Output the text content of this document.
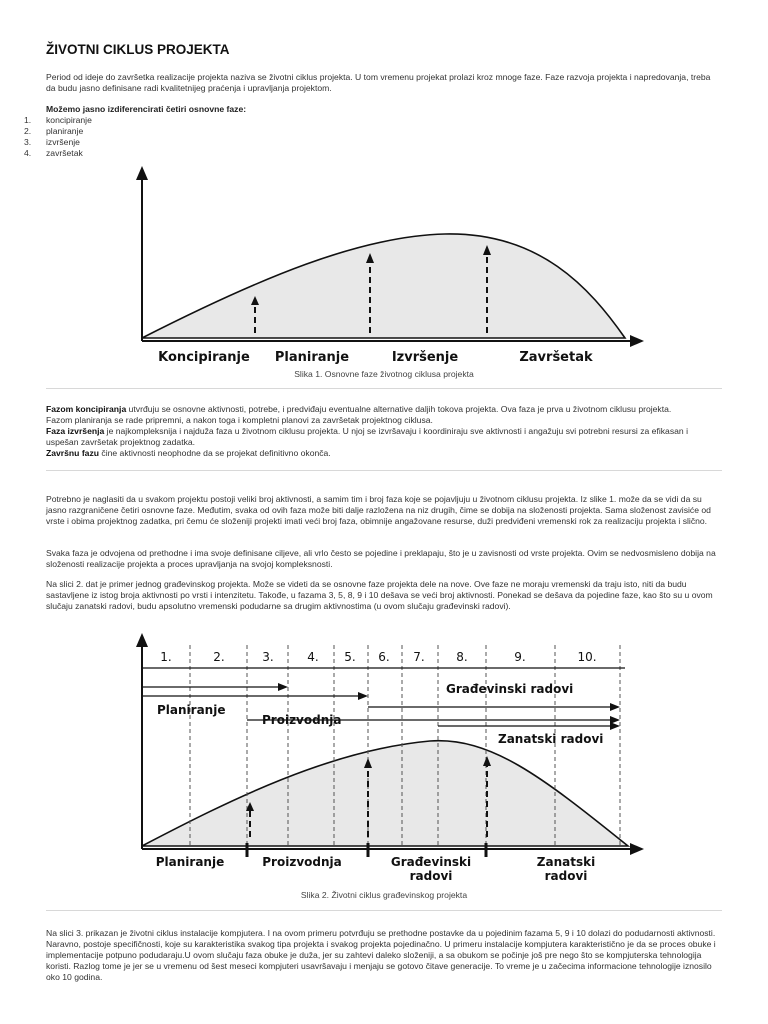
ŽIVOTNI CIKLUS PROJEKTA
Period od ideje do završetka realizacije projekta naziva se životni ciklus projekta. U tom vremenu projekat prolazi kroz mnoge faze. Faze razvoja projekta i napredovanja, treba da budu jasno definisane radi kvalitetnijeg praćenja i upravljanja projektom.
Možemo jasno izdiferencirati četiri osnovne faze:
1. koncipiranje
2. planiranje
3. izvršenje
4. završetak
Koncipiranje Planiranje	Izvršenje	Završetak
Slika 1. Osnovne faze životnog ciklusa projekta
Fazom koncipiranja utvrđuju se osnovne aktivnosti, potrebe, i predviđaju eventualne alternative daljih tokova projekta. Ova faza je prva u životnom ciklusu projekta.
Fazom planiranja se rade pripremni, a nakon toga i kompletni planovi za završetak projektnog ciklusa.
Faza izvršenja je najkompleksnija i najduža faza u životnom ciklusu projekta. U njoj se izvršavaju i koordiniraju sve aktivnosti i angažuju svi potrebni resursi za efikasan i uspešan završetak projektnog zadatka.
Završnu fazu čine aktivnosti neophodne da se projekat definitivno okonča.
Potrebno je naglasiti da u svakom projektu postoji veliki broj aktivnosti, a samim tim i broj faza koje se pojavljuju u životnom ciklusu projekta. Iz slike 1. može da se vidi da su jasno razgraničene četiri osnovne faze. Međutim, svaka od ovih faza može biti dalje razložena na niz drugih, čime se dobija na složenosti projekta. Sama složenost zavisiće od vrste i obima projektnog zadatka, pri čemu će složeniji projekti imati veći broj faza, obimnije angažovane resurse, duži predviđeni vremenski rok za realizaciju projekta i slično.
Svaka faza je odvojena od prethodne i ima svoje definisane ciljeve, ali vrlo često se pojedine i preklapaju, što je u zavisnosti od vrste projekta. Ovim se nedvosmisleno dobija na složenosti realizacije projekta a proces upravljanja na svojoj kompleksnosti.
Na slici 2. dat je primer jednog građevinskog projekta. Može se videti da se osnovne faze projekta dele na nove. Ove faze ne moraju vremenski da traju isto, niti da budu sastavljene iz istog broja aktivnosti po vrsti i intenzitetu. Takođe, u fazama 3, 5, 8, 9 i 10 dešava se veći broj aktivnosti. Ponekad se dešava da pojedine faze, kao što su u ovom slučaju zanatski radovi, budu apsolutno vremenski podudarne sa drugim aktivnostima (u ovom slučaju građevinski radovi).
1.	2.	3.	4. 5. 6. 7.	8.	9.	10.
Planiranje
Proizvodnja
Građevinski radovi
Zanatski radovi
Planiranje	Proizvodnja	Građevinski
radovi
Zanatski
radovi
Slika 2. Životni ciklus građevinskog projekta
Na slici 3. prikazan je životni ciklus instalacije kompjutera. I na ovom primeru potvrđuju se prethodne postavke da u pojedinim fazama 5, 9 i 10 dolazi do podudarnosti aktivnosti. Naravno, postoje specifičnosti, koje su karakteristika svakog tipa projekta i svakog projekta pojedinačno. U primeru instalacije kompjutera karakteristično je da se proces obuke i implementacije potpuno podudaraju.U ovom slučaju faza obuke je duža, jer su zahtevi daleko složeniji, a sa obukom se počinje još pre nego što se kompjuterska tehnologija koristi. Razlog tome je jer se u vremenu od šest meseci kompjuteri usavršavaju i menjaju se gotovo čitave generacije. To vreme je u začecima informacione tehnologije iznosilo oko 10 godina.
